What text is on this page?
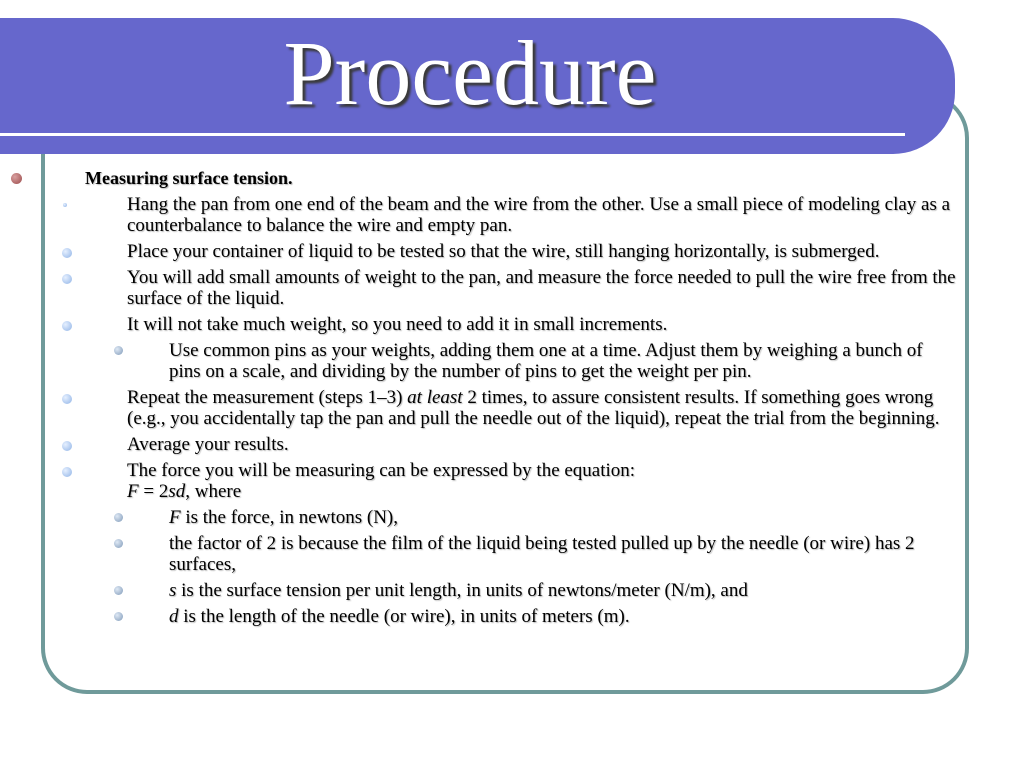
Procedure
Measuring surface tension.
Hang the pan from one end of the beam and the wire from the other. Use a small piece of modeling clay as a counterbalance to balance the wire and empty pan.
Place your container of liquid to be tested so that the wire, still hanging horizontally, is submerged.
You will add small amounts of weight to the pan, and measure the force needed to pull the wire free from the surface of the liquid.
It will not take much weight, so you need to add it in small increments.
Use common pins as your weights, adding them one at a time. Adjust them by weighing a bunch of pins on a scale, and dividing by the number of pins to get the weight per pin.
Repeat the measurement (steps 1–3) at least 2 times, to assure consistent results. If something goes wrong (e.g., you accidentally tap the pan and pull the needle out of the liquid), repeat the trial from the beginning.
Average your results.
The force you will be measuring can be expressed by the equation:
F = 2sd, where
F is the force, in newtons (N),
the factor of 2 is because the film of the liquid being tested pulled up by the needle (or wire) has 2 surfaces,
s is the surface tension per unit length, in units of newtons/meter (N/m), and
d is the length of the needle (or wire), in units of meters (m).
